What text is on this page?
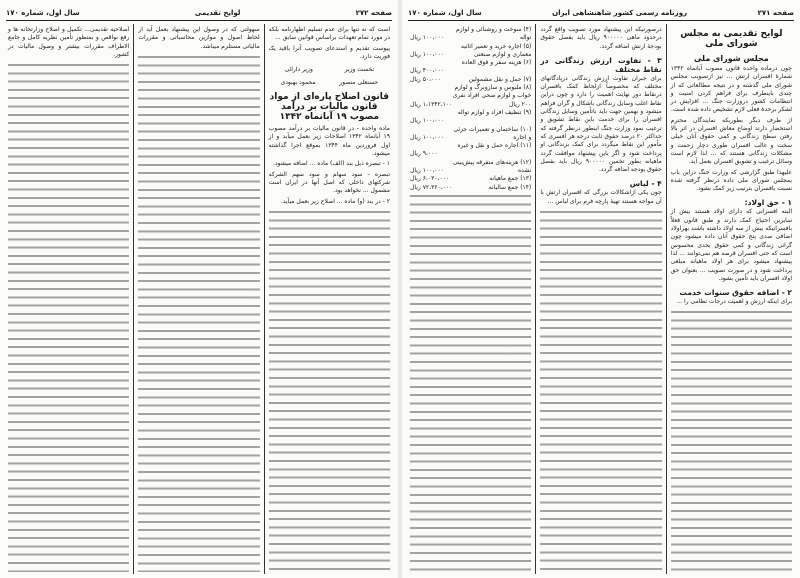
صفحه ۲۷۲
لوایح تقدیمی
سال اول، شماره ۱۷۰

است که نه تنها برای عدم تسلیم اظهارنامه بلکه در مورد تمام تعهدات براساس قوانین سابق ...

پیوست تقدیم و استدعای تصویب آنرا باقید یک فوریت دارد.

نخست وزیر
وزیر دارائی
حسنعلی منصور
محمود بهبودی
قانون اصلاح پاره‌ای از مواد قانون مالیات بر درآمد مصوب ۱۹ آبانماه ۱۳۴۲

ماده واحده - در قانون مالیات بر درآمد مصوب ۱۹ آبانماه ۱۳۴۲ اصلاحات زیر بعمل میآید و از اول فروردین ماه ۱۳۴۴ بموقع اجرا گذاشته میشود.

۱ - تبصره ذیل بند (الف) ماده ... اضافه میشود.

تبصره - سود سهام و سود سهم الشرکه شرکتهای داخلی که اصل آنها در ایران است مشمول ... نخواهد بود.

۲ - در بند (و) ماده ... اصلاح زیر بعمل میآید.

سهولتی که در وصول این پیشنهاد بعمل آید از لحاظ اصول و موازین محاسباتی و مقررات مالیاتی مستلزم میباشد.

اصلاحیه تقدیمی... تکمیل و اصلاح وزارتخانه ها و رفع نواقص و بمنظور تأمین نظریه کامل و جامع الاطراف مقررات بیشتر و وصول مالیات در کشور.

صفحه ۲۷۱
روزنامه رسمی کشور شاهنشاهی ایران
سال اول، شماره ۱۷۰
لوایح تقدیمی به مجلس شورای ملی
مجلس شورای ملی

چون درماده واحده قانون مصوب آبانماه ۱۳۴۲ شمارهٔ افسران ارتش ... نیز ازتصویب مجلس شورای ملی گذشته و در نتیجه مطالعاتی که از چندی باینطرف برای فراهم کردن امنیت و انتظامات کشور دروزارت جنگ ... افزایش در لشکر برحدهٔ فعلی لازم تشخیص داده شده است.

از طرف دیگر بطوریکه نمایندگان محترم استحضار دارند اوضاع معاش افسران در اثر بالا رفتن سطح زندگانی و کمی حقوق آنان خیلی سخت و غالب افسران طوری دچار زحمت و مشکلات زندگانی هستند که ... لذا لازم است وسائل ترغیب و تشویق افسران بعمل آید.

علیهذا طبق گزارشی که وزارت جنگ دراین باب بمجلس شورای ملی داده درنظر گرفته شده نسبت بافسران بترتیب زیر کمک بشود.

۱ - حق اولاد:

البته افسرانی که دارای اولاد هستند بیش از سایرین احتیاج کمک دارند و طبق قانون فعلاً بافسرانیکه بیش از سه اولاد داشته باشند بهراولاد اضافی صدی پنج حقوق آنان داده میشود چون گرانی زندگانی و کمی حقوق بحدی محسوس است که حتی افسران قرضه هم نمی‌توانند ... لذا پیشنهاد میشود برای هر اولاد ماهیانه مبلغی پرداخت شود و در صورت تصویب ... بعنوان حق اولاد افسران باید تأمین بشود.

۲ - اضافه حقوق سنوات خدمت

برای اینکه ارزش و اهمیت درجات نظامی را ...

درصورتیکه این پیشنهاد مورد تصویب واقع گردد درحدود ماهی ۹۰۰۰۰۰ ریال باید بفصل حقوق بودجهٔ ارتش اضافه گردد.

۳ - تفاوت ارزش زندگانی در نقاط مختلف

برای جبران تفاوت ارزش زندگانی درپادگانهای مختلف که مخصوصاً ازلحاظ کمک بافسران درنقاط دور نهایت اهمیت را دارد و چون دراین نقاط اغلب وسایل زندگانی باشکال و گران فراهم میشود و بهمین جهت باید باتأمین وسایل زندگانی افسران را برای خدمت باین نقاط تشویق و ترغیب نمود وزارت جنگ اینطور درنظر گرفته که حداکثر ۲۰ درصد حقوق ثابت درجه هر افسری که مأمور این نقاط میگردد برای کمک بزندگانی او پرداخت شود و اگر باین پیشنهاد موافقت گردد ماهیانه بطور تخمین ۹۰۰۰۰۰ ریال باید بفصل حقوق بودجه اضافه گردد.

۴ - لباس

چون یکی ازاشکالات بزرگی که افسران ارتش با آن مواجه هستند تهیهٔ پارچه فرم برای لباس ...

(۴) سوخت و روشنائی و لوازم
تواله
۱۰۰،۰۰۰ ریال
(۵) اجاره خرید و تعمیر اثاثیه
معماری و لوازم صنعتی
۱۰۰،۰۰۰ ریال
(۶) هزینه سفر و فوق العاده
۴۰۰،۰۰۰ ریال
(۷) حمل و نقل مشمولین
۵۰،۰۰۰ ریال
(۸) ملبوس و سازوبرگ و لوازم
خواب و لوازم صحی افراد نفری
۲۰۰ ریال
۱،۱۳۴۲،۱۰۰ ریال
(۹) تنظیف افراد و لوازم تواله
۱۰۰،۰۰۰ ریال
(۱۰) ساختمان و تعمیرات جزئی
و اجاره
۱۰۰،۰۰۰ ریال
(۱۱) اجاره حمل و نقل و غیره
۹،۰۰۰ ریال
(۱۲) هزینه‌های متفرقه پیش‌بینی
نشده
۱۰۰،۰۰۰ ریال
(۱۳) جمع ماهیانه
۶،۰۳۰،۰۰۰ ریال
(۱۴) جمع سالیانه
۷۲،۳۶۰،۰۰۰ ریال
